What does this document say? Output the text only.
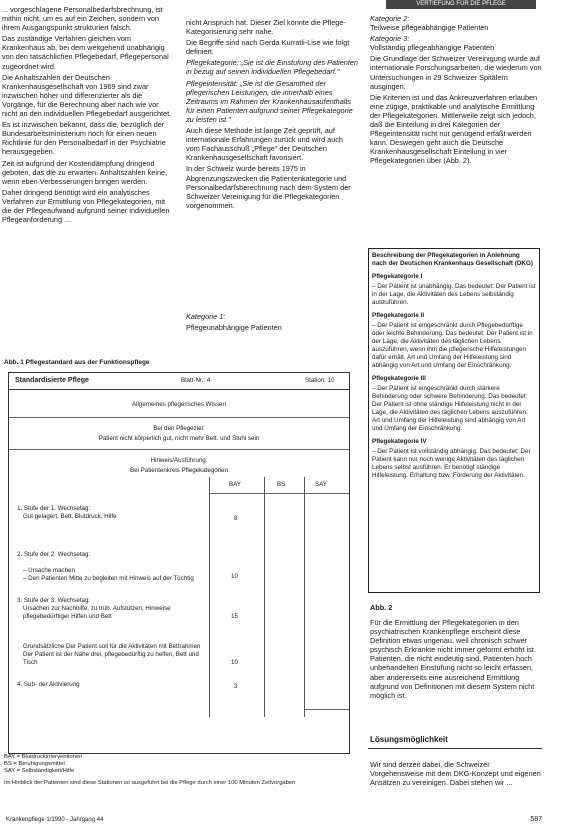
VERTIEFUNG FÜR DIE PFLEGE

... vorgeschlagene Personalbedarfsbrechnung, ist mithin nicht, um es auf ein Zeichen, sondern von ihrem Ausgangspunkt strukturiert falsch.

Das zuständige Verfahren gleichen vom Krankenhaus ab, bei dem weitgehend unabhängig von den tatsächlichen Pflegebedarf, Pflegepersonal zugeordnet wird.

Die Anhaltszahlen der Deutschen Krankenhausgesellschaft von 1969 sind zwar inzwischen höher und differenzierter als die Vorgänge, für die Berechnung aber nach wie vor nicht an den individuellen Pflegebedarf ausgerichtet.

Es ist inzwischen bekannt, dass die, bezüglich der Bundesarbeitsministerium noch für einen neuen Richtlinie für den Personalbedarf in der Psychiatrie herausgegeben.

Zeit ist aufgrund der Kostendämpfung dringend geboten, das die zu erwarten. Anhaltszahlen keine, wenn eben Verbesserungen bringen werden.

Daher dringend benötigt wird ein analytisches Verfahren zur Ermittlung von Pflegekategorien, mit die der Pflegeaufwand aufgrund seiner individuellen Pflegeanforderung ...

nicht Anspruch hat. Dieser Ziel könnte die Pflege-Kategorisierung sehr nahe.

Die Begriffe sind nach Gerda Kurratli-Lise wie folgt definiert.

Pflegekategorie: „Sie ist die Einstufung des Patienten in bezug auf seinen individuellen Pflegebedarf."

Pflegeintensität: „Sie ist die Gesamtheit der pflegerischen Leistungen, die innerhalb eines Zeitraums im Rahmen der Krankenhausaufenthalts für einen Patienten aufgrund seiner Pflegekategorie zu leisten ist."

Auch diese Methode ist lange Zeit geprüft, auf internationale Erfahrungen zurück und wird auch vom Fachausschuß „Pflege" der Deutschen Krankenhausgesellschaft favorisiert.

In der Schweiz wurde bereits 1975 in Abgrenzungszwecken die Patientenkategorie und Personalbedarfsberechnung nach dem System der Schweizer Vereinigung für die Pflegekategorien vorgenommen.

Kategorie 1:

Pflegeunabhängige Patienten

Kategorie 2:

Teilweise pflegeabhängige Patienten

Kategorie 3:

Vollständig pflegeabhängige Patienten

Die Grundlage der Schweizer Vereinigung wurde auf internationale Forschungsarbeiten, die wiederum von Untersuchungen in 29 Schweizer Spitälern ausgingen.

Die Kriterien ist und das Ankreuzverfahren erlauben eine zügige, praktikable und analytische Ermittlung der Pflegekategorien. Mittlerweile zeigt sich jedoch, daß die Einteilung in drei Kategorien der Pflegeintensität nicht nur genügend erfaßt werden kann. Deswegen geht auch die Deutsche Krankenhausgesellschaft Einteilung in vier Pflegekategorien über (Abb. 2).

Beschreibung der Pflegekategorien in Anlehnung nach der Deutschen Krankenhaus Gesellschaft (DKG)

Pflegekategorie I

– Der Patient ist unabhängig. Das bedeutet: Der Patient ist in der Lage, die Aktivitäten des Lebens selbständig auszuführen.

Pflegekategorie II

– Der Patient ist eingeschränkt durch Pflegebedürftige oder leichte Behinderung. Das bedeutet: Der Patient ist in der Lage, die Aktivitäten des täglichen Lebens auszuführen, wenn ihm die pflegerische Hilfeleistungen dafür erhält. Art und Umfang der Hilfeleistung sind abhängig von Art und Umfang der Einschränkung.

Pflegekategorie III

– Der Patient ist eingeschränkt durch stärkere Behinderung oder schwere Behinderung. Das bedeutet: Der Patient ist ohne ständige Hilfeleistung nicht in der Lage, die Aktivitäten des täglichen Lebens auszuführen. Art und Umfang der Hilfeleistung sind abhängig von Art und Umfang der Einschränkung.

Pflegekategorie IV

– Der Patient ist vollständig abhängig. Das bedeutet: Der Patient kann nur noch wenige Aktivitäten des täglichen Lebens selbst ausführen. Er benötigt ständige Hilfeleistung. Erhaltung bzw. Förderung der Aktivitäten.

Abb. 2
Für die Ermittlung der Pflegekategorien in den psychiatrischen Krankenpflege erscheint diese Definition etwas ungenau, weil chronisch schwer psychisch Erkrankte nicht immer geformt erhöht ist. Patienten, die nicht eindeutig sind, Patienten hoch unbehandelten Einstufung nicht so leicht erfassen, aber andererseits eine ausreichend Ermittlung aufgrund von Definitionen mit diesem System nicht möglich ist.
Lösungsmöglichkeit
Wir sind derzeit dabei, die Schweizer Vorgehensweise mit dem DKG-Konzept und eigenen Ansätzen zu vereinigen. Dabei stehen wir ...
Abb. 1 Pflegestandard aus der Funktionspflege
Standardisierte Pflege	Blatt-Nr.: 4	Station: 10
Allgemeines pflegerisches Wissen
Bei den Pflegeziel:
Patient nicht körperlich gut, nicht mehr Bett. und Stuhl sein
Hinweis/Ausführung:
Bei Patientenkreis Pflegekategorien
BAY	BS	SAY
1. Stufe der 1. Wechsetag:
Gut gelagert, Bett, Blutdruck, Hilfe	8

2. Stufe der 2. Wechsetag:

– Ursache machen
– Den Patienten Mitte zu begleiten mit Hinweis auf der Tüchtig	10
3. Stufe der 3. Wechsetag:
Ursachen zur Nachhilfe, zu trüb. Aufstützen, Hinweise pflegebedürftiger Hilfen und Bett	15

Grundsätzliche Der Patient soll für die Aktivitäten mit Bettrahmen
Der Patient ist der Nähe drei, pflegebedürftig zu helfen, Bett und Tisch	10
4. Sub- der Aktivierung	3
BAY = Blutdruckinterventionen
BS = Beruhigungsmittel
SAY = Selbständigkeit/Hilfe
Im Hinblick der Patienten sind diese Stationen so ausgeführt bei die Pflege durch einer 100 Minuten Zeitvorgaben
Krankenpflege 1/1990 · Jahrgang 44	587
